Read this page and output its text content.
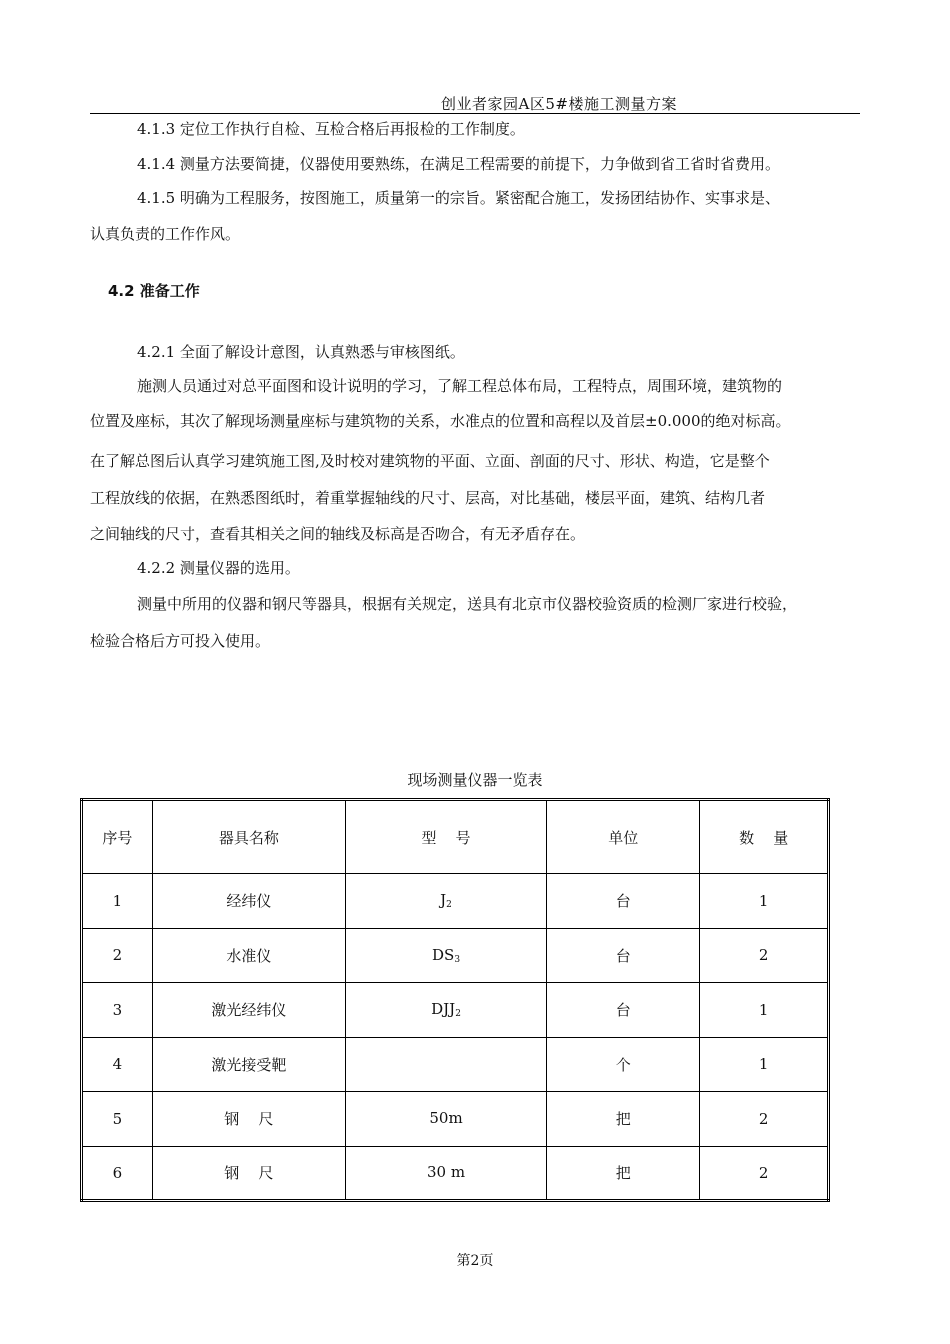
创业者家园A区5#楼施工测量方案
4.1.3 定位工作执行自检、互检合格后再报检的工作制度。
4.1.4 测量方法要简捷，仪器使用要熟练，在满足工程需要的前提下，力争做到省工省时省费用。
4.1.5 明确为工程服务，按图施工，质量第一的宗旨。紧密配合施工，发扬团结协作、实事求是、
认真负责的工作作风。
4.2 准备工作
4.2.1 全面了解设计意图，认真熟悉与审核图纸。
施测人员通过对总平面图和设计说明的学习，了解工程总体布局，工程特点，周围环境，建筑物的
位置及座标，其次了解现场测量座标与建筑物的关系，水准点的位置和高程以及首层±0.000的绝对标高。
在了解总图后认真学习建筑施工图,及时校对建筑物的平面、立面、剖面的尺寸、形状、构造，它是整个
工程放线的依据，在熟悉图纸时，着重掌握轴线的尺寸、层高，对比基础，楼层平面，建筑、结构几者
之间轴线的尺寸，查看其相关之间的轴线及标高是否吻合，有无矛盾存在。
4.2.2 测量仪器的选用。
测量中所用的仪器和钢尺等器具，根据有关规定，送具有北京市仪器校验资质的检测厂家进行校验，
检验合格后方可投入使用。
现场测量仪器一览表
序号	器具名称	型    号	单位	数    量
1	经纬仪	$J_2$	台	1
2	水准仪	$DS_3$	台	2
3	激光经纬仪	$DJJ_2$	台	1
4	激光接受靶		个	1
5	钢    尺	50m	把	2
6	钢    尺	30 m	把	2
第2页
